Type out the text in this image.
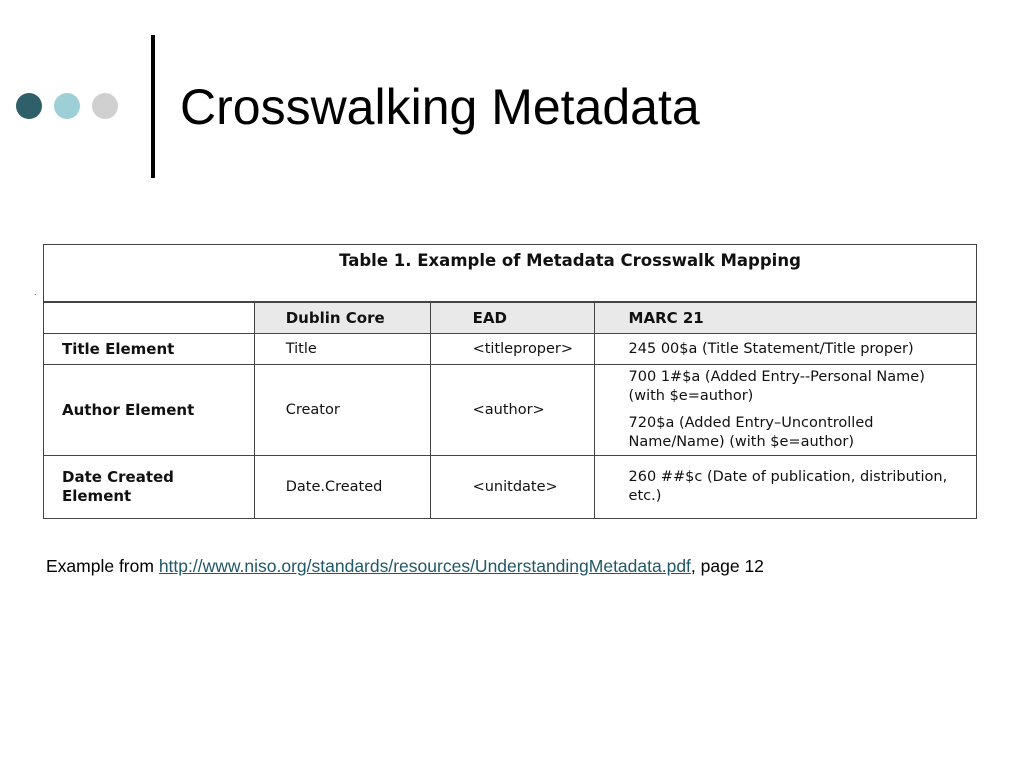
Crosswalking Metadata
·
Table 1. Example of Metadata Crosswalk Mapping			
	Dublin Core	EAD	MARC 21
Title Element	Title	<titleproper>	245 00$a (Title Statement/Title proper)
Author Element	Creator	<author>	700 1#$a (Added Entry--Personal Name)
(with $e=author)
720$a (Added Entry–Uncontrolled
Name/Name) (with $e=author)

Date Created
Element	Date.Created	<unitdate>	260 ##$c (Date of publication, distribution,
etc.)
Example from http://www.niso.org/standards/resources/UnderstandingMetadata.pdf, page 12
